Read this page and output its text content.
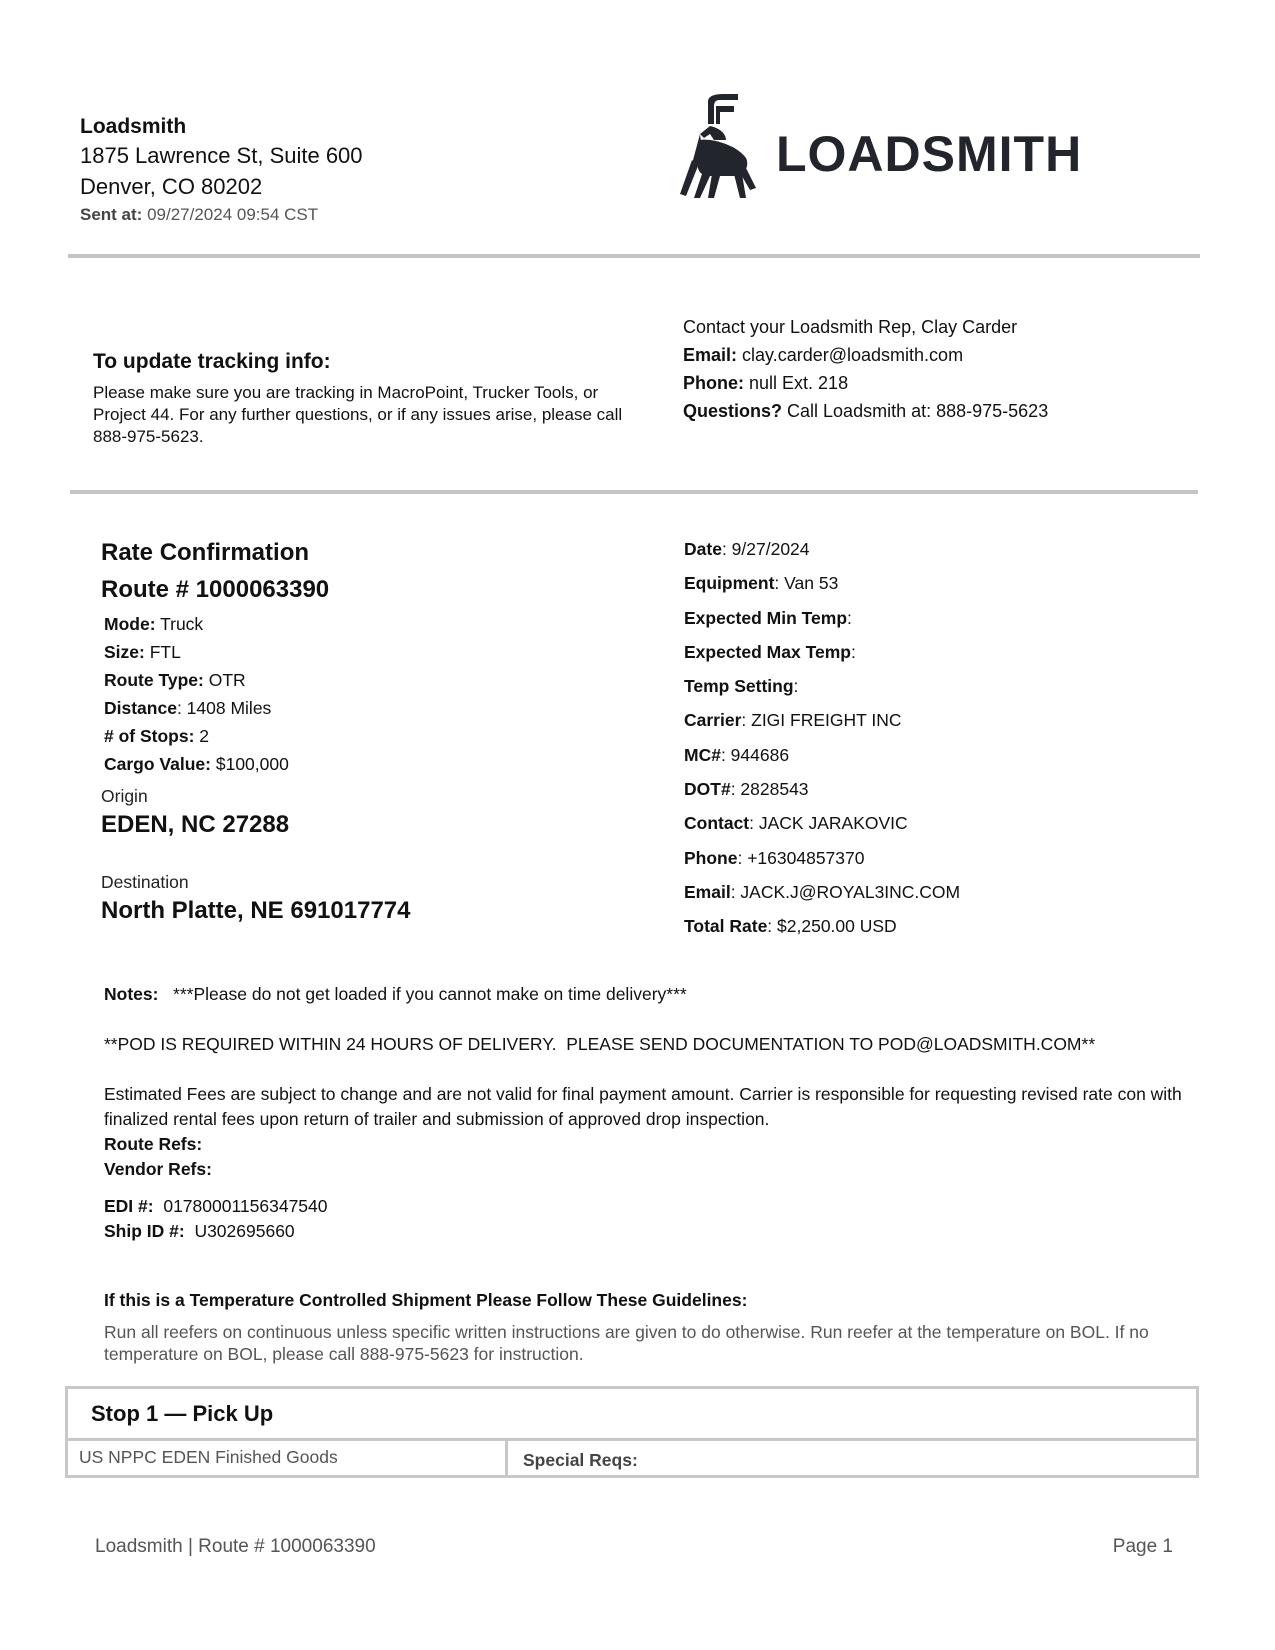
Loadsmith
1875 Lawrence St, Suite 600
Denver, CO 80202
Sent at: 09/27/2024 09:54 CST
LOADSMITH
To update tracking info:
Please make sure you are tracking in MacroPoint, Trucker Tools, or Project 44. For any further questions, or if any issues arise, please call 888-975-5623.
Contact your Loadsmith Rep, Clay Carder
Email: clay.carder@loadsmith.com
Phone: null Ext. 218
Questions? Call Loadsmith at: 888-975-5623
Rate Confirmation
Route # 1000063390
Mode: Truck
Size: FTL
Route Type: OTR
Distance: 1408 Miles
# of Stops: 2
Cargo Value: $100,000
Origin
EDEN, NC 27288
Destination
North Platte, NE 691017774
Date: 9/27/2024
Equipment: Van 53
Expected Min Temp:
Expected Max Temp:
Temp Setting:
Carrier: ZIGI FREIGHT INC
MC#: 944686
DOT#: 2828543
Contact: JACK JARAKOVIC
Phone: +16304857370
Email: JACK.J@ROYAL3INC.COM
Total Rate: $2,250.00 USD
Notes: ***Please do not get loaded if you cannot make on time delivery***
**POD IS REQUIRED WITHIN 24 HOURS OF DELIVERY.  PLEASE SEND DOCUMENTATION TO POD@LOADSMITH.COM**
Estimated Fees are subject to change and are not valid for final payment amount. Carrier is responsible for requesting revised rate con with finalized rental fees upon return of trailer and submission of approved drop inspection.
Route Refs:
Vendor Refs:
EDI #: 01780001156347540
Ship ID #: U302695660
If this is a Temperature Controlled Shipment Please Follow These Guidelines:
Run all reefers on continuous unless specific written instructions are given to do otherwise. Run reefer at the temperature on BOL. If no temperature on BOL, please call 888-975-5623 for instruction.
Stop 1 — Pick Up
US NPPC EDEN Finished Goods	Special Reqs:
Loadsmith | Route # 1000063390	Page 1
